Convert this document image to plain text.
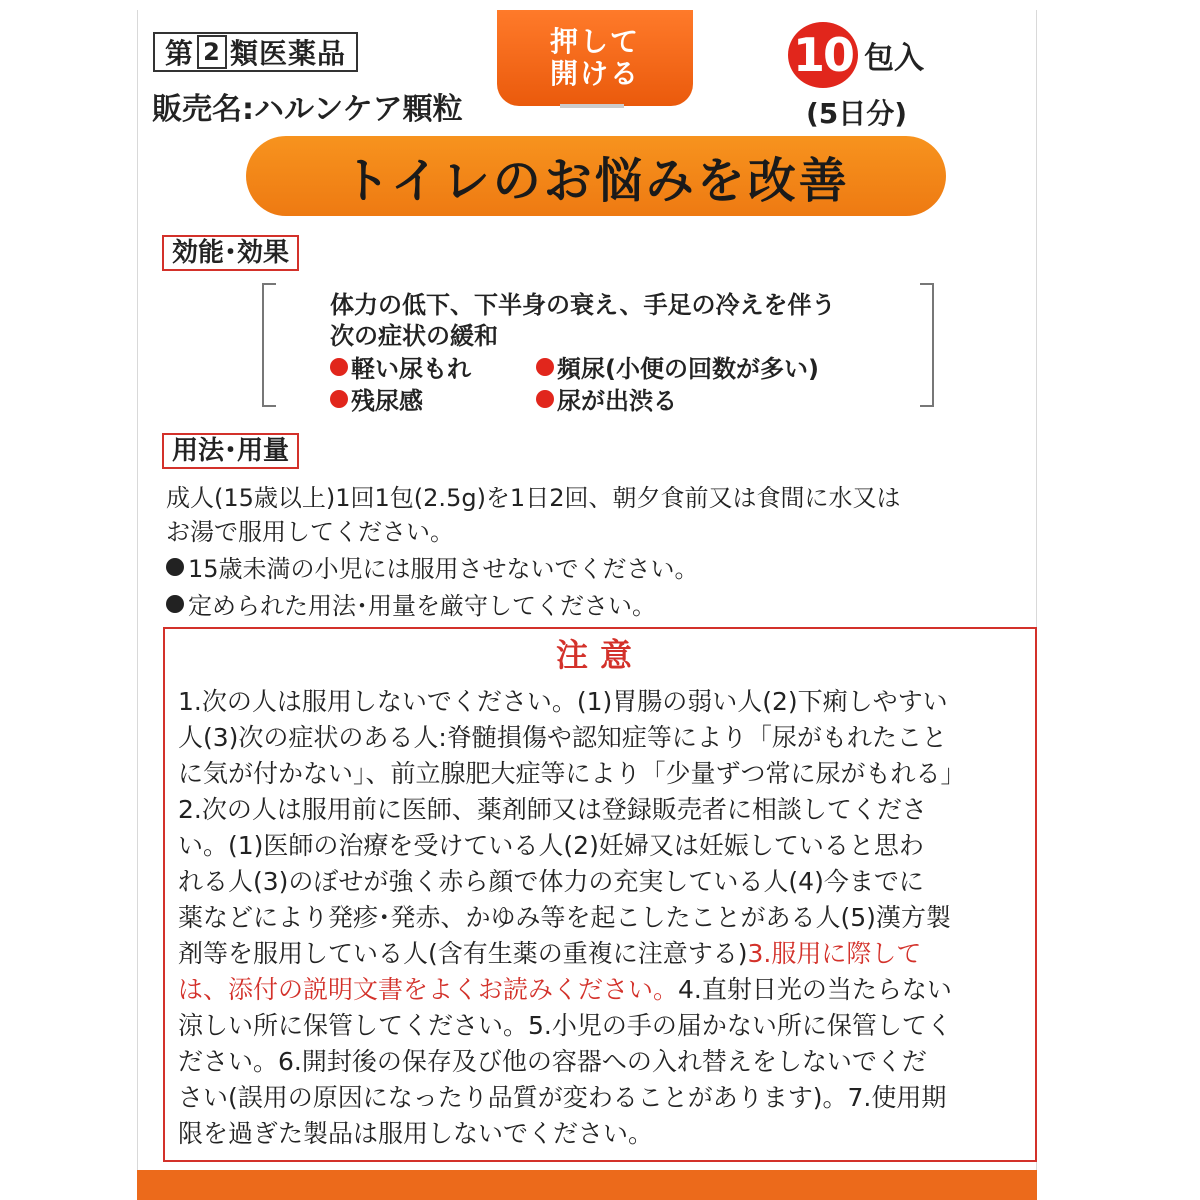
第 2 類医薬品
販売名:ハルンケア顆粒
押して
開ける	10 包入
(5日分)
トイレのお悩みを改善
効能･効果
体力の低下、下半身の衰え、手足の冷えを伴う
次の症状の緩和
軽い尿もれ	頻尿(小便の回数が多い)
残尿感	尿が出渋る
用法･用量
成人(15歳以上)1回1包(2.5g)を1日2回、朝夕食前又は食間に水又は
お湯で服用してください。
15歳未満の小児には服用させないでください。
定められた用法･用量を厳守してください。
注意
1.次の人は服用しないでください。(1)胃腸の弱い人(2)下痢しやすい
人(3)次の症状のある人:脊髄損傷や認知症等により「尿がもれたこと
に気が付かない」、前立腺肥大症等により「少量ずつ常に尿がもれる」
2.次の人は服用前に医師、薬剤師又は登録販売者に相談してくださ
い。(1)医師の治療を受けている人(2)妊婦又は妊娠していると思わ
れる人(3)のぼせが強く赤ら顔で体力の充実している人(4)今までに
薬などにより発疹･発赤、かゆみ等を起こしたことがある人(5)漢方製
剤等を服用している人(含有生薬の重複に注意する)3.服用に際して
は、添付の説明文書をよくお読みください。4.直射日光の当たらない
涼しい所に保管してください。5.小児の手の届かない所に保管してく
ださい。6.開封後の保存及び他の容器への入れ替えをしないでくだ
さい(誤用の原因になったり品質が変わることがあります)。7.使用期
限を過ぎた製品は服用しないでください。
